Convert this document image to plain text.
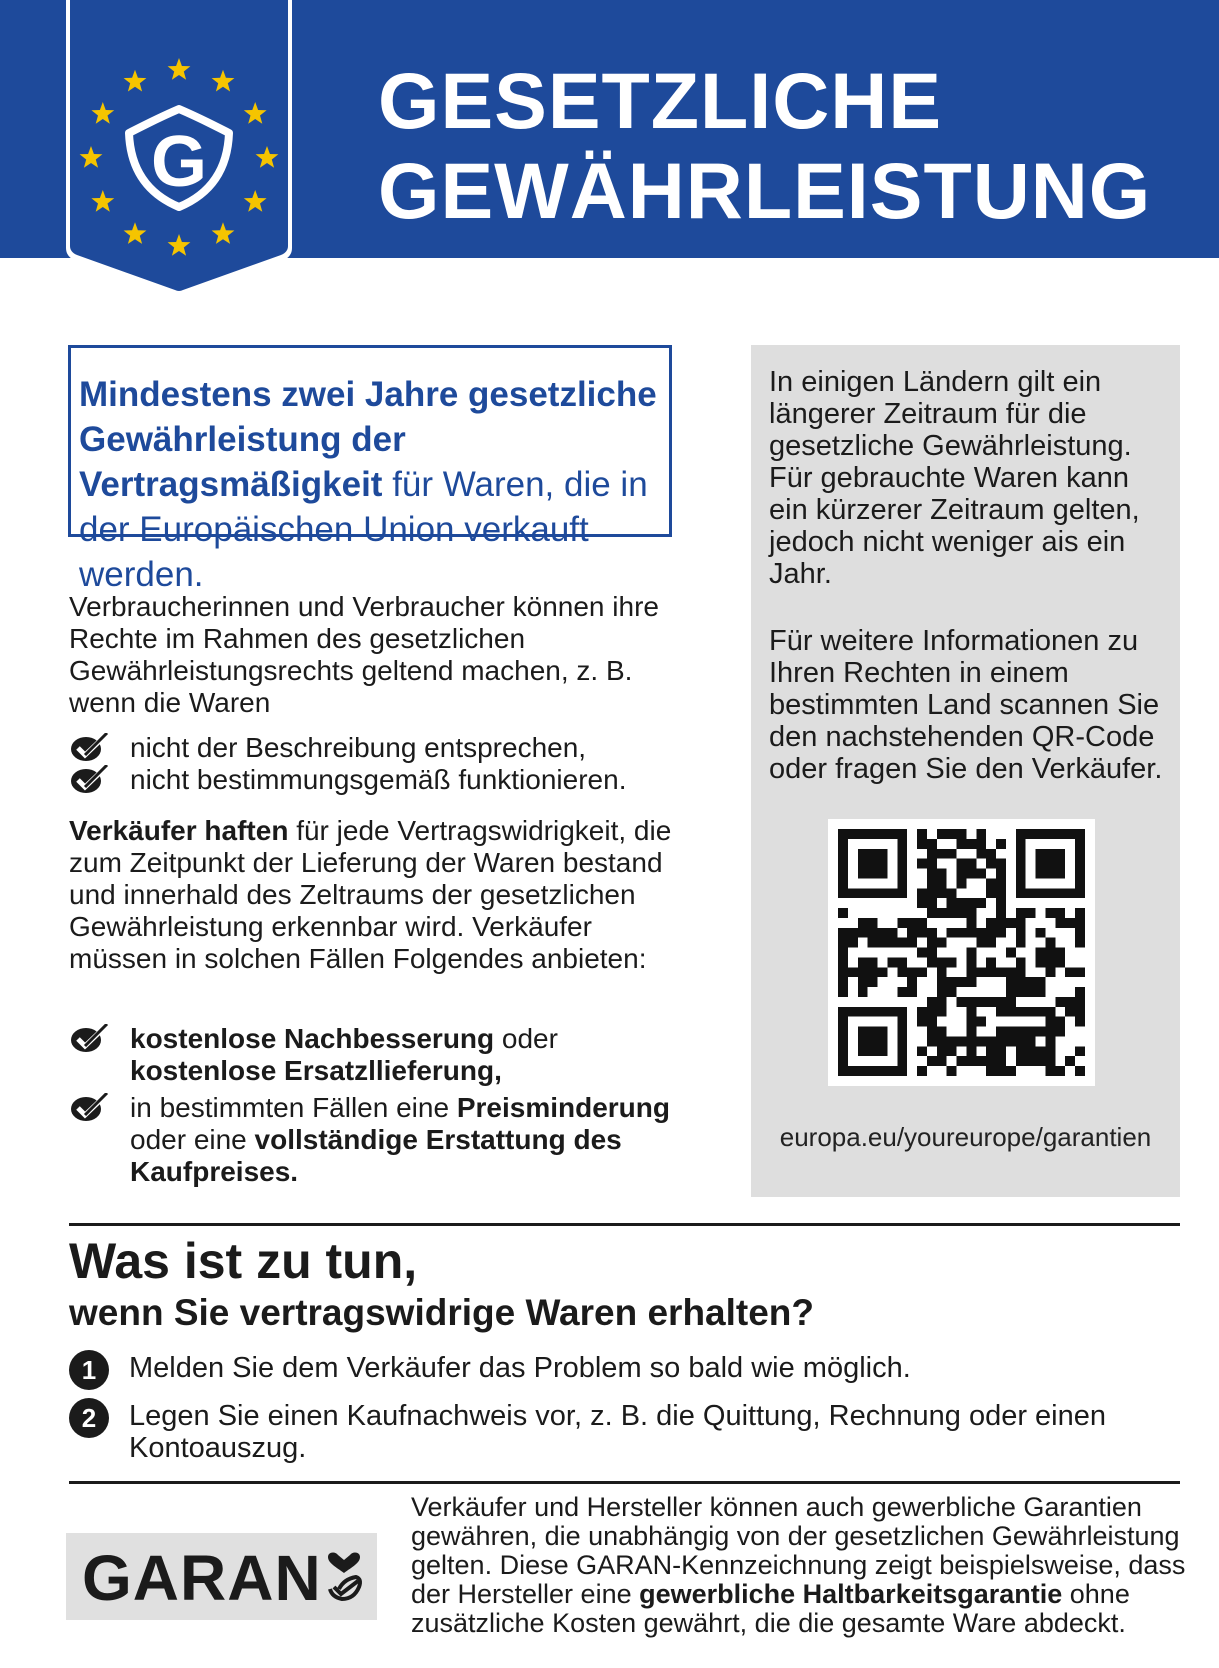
G
GESETZLICHE
GEWÄHRLEISTUNG
Mindestens zwei Jahre gesetzliche Gewährleistung der Vertragsmäßigkeit für Waren, die in der Europäischen Union verkauft werden.
Verbraucherinnen und Verbraucher können ihre Rechte im Rahmen des gesetzlichen Gewährleistungsrechts geltend machen, z. B. wenn die Waren
nicht der Beschreibung entsprechen,
nicht bestimmungsgemäß funktionieren.
Verkäufer haften für jede Vertragswidrigkeit, die zum Zeitpunkt der Lieferung der Waren bestand und innerhald des Zeltraums der gesetzlichen Gewährleistung erkennbar wird. Verkäufer müssen in solchen Fällen Folgendes anbieten:
kostenlose Nachbesserung oder
kostenlose Ersatzllieferung,
in bestimmten Fällen eine Preisminderung oder eine vollständige Erstattung des Kaufpreises.

In einigen Ländern gilt ein längerer Zeitraum für die gesetzliche Gewährleistung. Für gebrauchte Waren kann ein kürzerer Zeitraum gelten, jedoch nicht weniger ais ein Jahr.

Für weitere Informationen zu Ihren Rechten in einem bestimmten Land scannen Sie den nachstehenden QR-Code oder fragen Sie den Verkäufer.

europa.eu/youreurope/garantien
Was ist zu tun,
wenn Sie vertragswidrige Waren erhalten?
1	Melden Sie dem Verkäufer das Problem so bald wie möglich.
2	Legen Sie einen Kaufnachweis vor, z. B. die Quittung, Rechnung oder einen Kontoauszug.
GARAN
Verkäufer und Hersteller können auch gewerbliche Garantien gewähren, die unabhängig von der gesetzlichen Gewährleistung gelten. Diese GARAN-Kennzeichnung zeigt beispielsweise, dass der Hersteller eine gewerbliche Haltbarkeitsgarantie ohne zusätzliche Kosten gewährt, die die gesamte Ware abdeckt.
